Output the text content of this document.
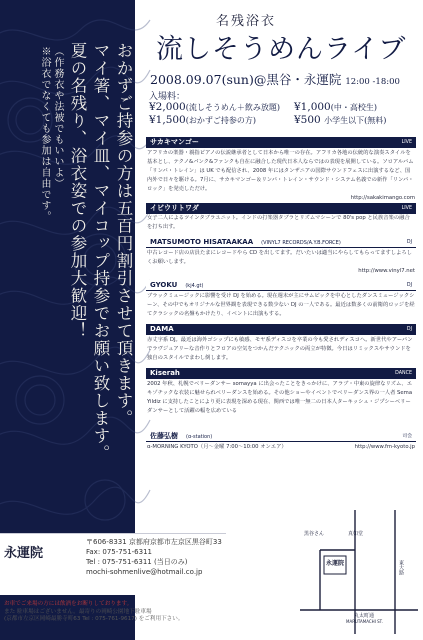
おかずご持参の方は五百円割引させて頂きます。
マイ箸、マイ皿、マイコップ持参でお願い致します。
夏の名残り、浴衣姿での参加大歓迎！
（作務衣や法被でもいいよ）
※浴衣でなくても参加は自由です。
名残浴衣
流しそうめんライブ
2008.09.07(sun)@黒谷・永運院 12:00 -18:00
入場料：
¥2,000(流しそうめん＋飲み放題) ¥1,000(中・高校生)
¥1,500(おかずご持参の方)	¥500 小学生以下(無料)
サカキマンゴー	LIVE
アフリカの楽器・親指ピアノの伝説継承者として日本から唯一の存在。アフリカ各地の伝統的な演奏スタイルを基本とし、テクノ&パンク&ファンクも自在に融合した現代日本人ならではの表現を展開している。ソロアルバム「リンバ・トレイン」は UK でも配信され、2008 年にはタンザニアの国際サウンドフェスに出演するなど、国内外で日々を駆ける。7月に、サカキマンゴー＆リンバ・トレイン・サウンド・システム名義での新作「リンバ・ロック」を発売しただけ。
http://sakakimango.com
イビウリトワダ	LIVE
女子二人によるツインタブラユニット。インドの打楽器タブラとリズムマシーンで 80's pop と民族音楽の融合を打ち出す。
MATSUMOTO HISATAAKAA (VINYL7 RECORDS/A.Y.B.FORCE)	DJ
中古レコード店の店員たまにレコードやら CD を出してます。だいたいは適当にやらしてもらってますしよろしくお願いします。
http://www.vinyl7.net
GYOKU (kj4.gt)	DJ
ブラックミュージックに影響を受け DJ を始める。現在週末が主にサムピックを中心としたダンスミュージックシーン、その中でもオリジナルな世界観を表現できる数少ない DJ の一人である。最近は数多くの前衛的ロッジを経てクラシックの名盤もかけたり、イベントに出演もする。
DAMA	DJ
赤丈字系 DJ。最近は海外ゴシップにも敏感、モヤ系ディスコを卒業の今も愛されディスコへ。新世代やアーバンでラヴジュアリーな音作りとフロアの空気をつかんだテクニックの両立が特徴。今日はリミックスやサウンドを独自のスタイルでまわし倒します。
Kiserah	DANCE
2002 年秋、札幌でベリーダンサー somayya に出会ったことをきっかけに、アラブ・中東の旋律なリズム、エキゾチックな衣装に魅せられベリーダンスを始める。その他ショーやイベントでベリーダンス界の一人者 Sema Yildiz に支持したことにより更に表現を深める現在、関西では唯一無二の日本人ターキッシュ・ジプシーベリーダンサーとして活躍の幅を広めている
佐藤弘樹 (α-station)	司会
α-MORNING KYOTO（月～金曜 7:00～10:00 オンエア）	http://www.fm-kyoto.jp
永運院
真如堂
黒谷さん
東大路
丸太町通
MARUTAMACHI ST.
永運院
〒606-8331 京都府京都市左京区黒谷町33
Fax: 075-751-6311
Tel : 075-751-6311 (当日のみ)
mochi-sohmenlive@hotmail.co.jp
お車でご来場の方には飲酒をお断りしております。
また 駐車場はございません。最寄りの岡崎公園地下駐車場
(京都市左京区岡崎最勝寺町63 Tel : 075-761-9617) をご利用下さい。
